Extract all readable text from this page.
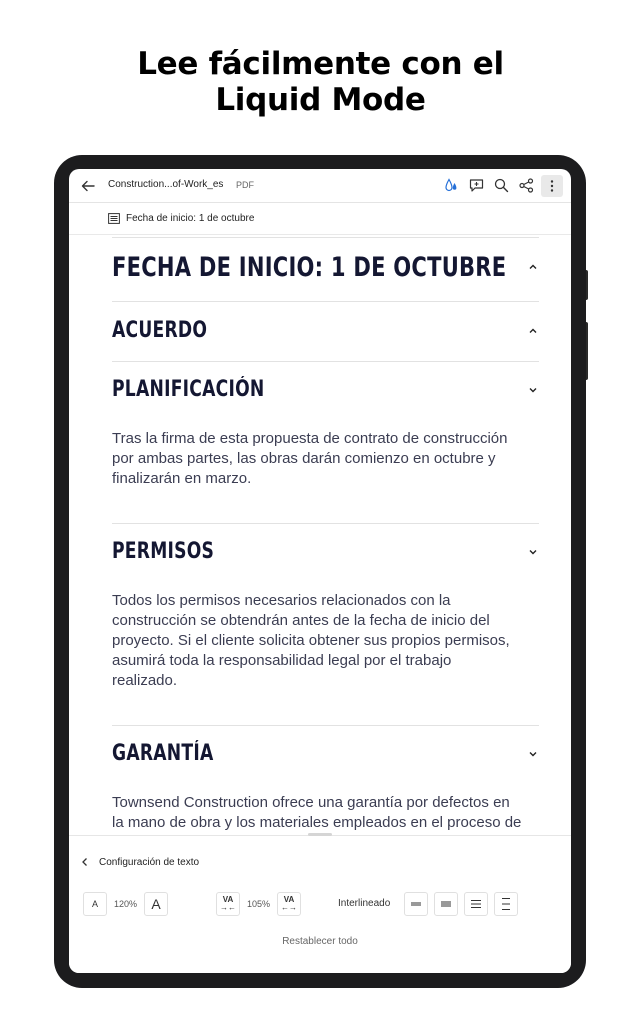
Lee fácilmente con el
Liquid Mode
Construction...of-Work_es PDF
Fecha de inicio: 1 de octubre
FECHA DE INICIO: 1 DE OCTUBRE
ACUERDO
PLANIFICACIÓN
Tras la firma de esta propuesta de contrato de construcción
por ambas partes, las obras darán comienzo en octubre y
finalizarán en marzo.
PERMISOS
Todos los permisos necesarios relacionados con la
construcción se obtendrán antes de la fecha de inicio del
proyecto. Si el cliente solicita obtener sus propios permisos,
asumirá toda la responsabilidad legal por el trabajo
realizado.
GARANTÍA
Townsend Construction ofrece una garantía por defectos en
la mano de obra y los materiales empleados en el proceso de
Configuración de texto
A 120% A	VA
→← 105%	VA
←→	Interlineado
Restablecer todo
